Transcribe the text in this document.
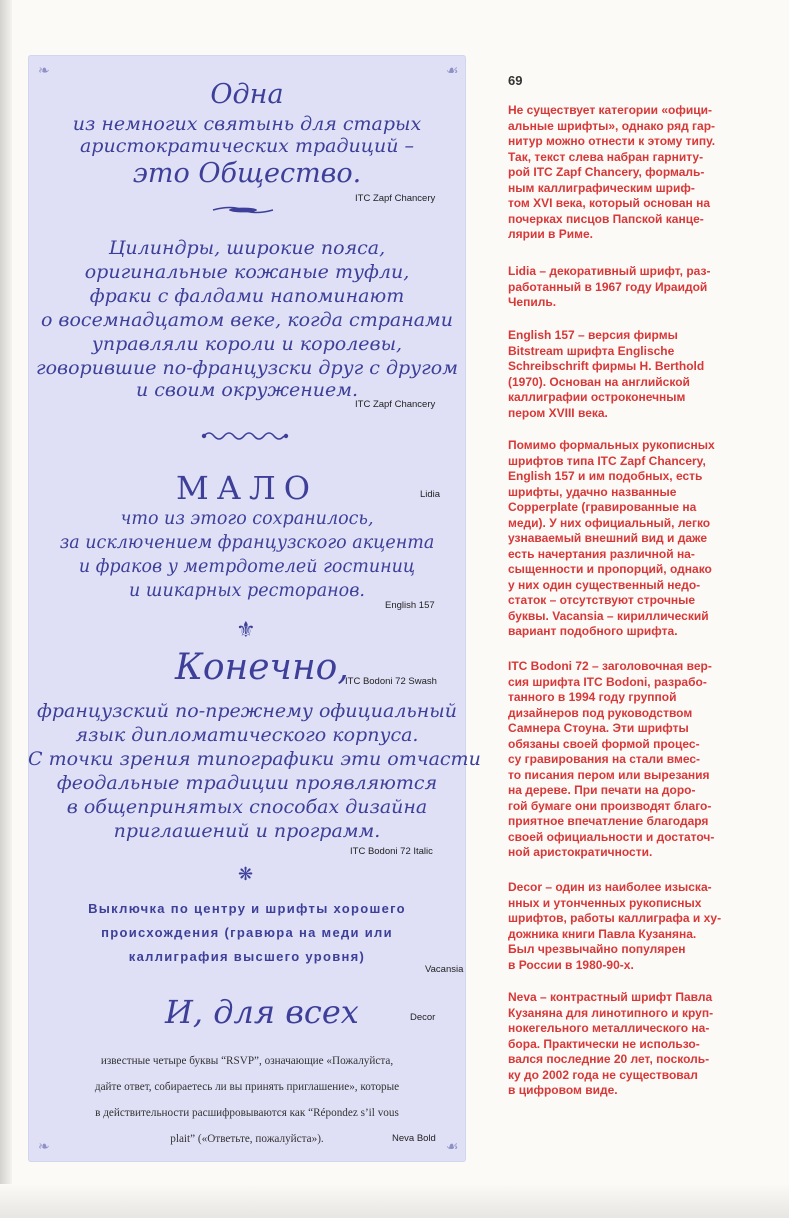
❧	☙
❧	☙
Одна
из немногих святынь для старых
аристократических традиций –
это Общество.
ITC Zapf Chancery
Цилиндры, широкие пояса,
оригинальные кожаные туфли,
фраки с фалдами напоминают
о восемнадцатом веке, когда странами
управляли короли и королевы,
говорившие по-французски друг с другом
и своим окружением.
ITC Zapf Chancery
МАЛО	Lidia
что из этого сохранилось,
за исключением французского акцента
и фраков у метрдотелей гостиниц
и шикарных ресторанов.
English 157
⚜
Конечно,
ITC Bodoni 72 Swash
французский по-прежнему официальный
язык дипломатического корпуса.
С точки зрения типографики эти отчасти
феодальные традиции проявляются
в общепринятых способах дизайна
приглашений и программ.
ITC Bodoni 72 Italic
❋
Выключка по центру и шрифты хорошего
происхождения (гравюра на меди или
каллиграфия высшего уровня)
Vacansia
И, для всех	Decor
известные четыре буквы “RSVP”, означающие «Пожалуйста,
дайте ответ, собираетесь ли вы принять приглашение», которые
в действительности расшифровываются как “Répondez s’il vous
plait” («Ответьте, пожалуйста»).	Neva Bold
69

Не существует категории «офици-

альные шрифты», однако ряд гар-

нитур можно отнести к этому типу.

Так, текст слева набран гарниту-

рой ITC Zapf Chancery, формаль-

ным каллиграфическим шриф-

том XVI века, который основан на

почерках писцов Папской канце-

лярии в Риме.

Lidia – декоративный шрифт, раз-

работанный в 1967 году Ираидой

Чепиль.

English 157 – версия фирмы

Bitstream шрифта Englische

Schreibschrift фирмы H. Berthold

(1970). Основан на английской

каллиграфии остроконечным

пером XVIII века.

Помимо формальных рукописных

шрифтов типа ITC Zapf Chancery,

English 157 и им подобных, есть

шрифты, удачно названные

Copperplate (гравированные на

меди). У них официальный, легко

узнаваемый внешний вид и даже

есть начертания различной на-

сыщенности и пропорций, однако

у них один существенный недо-

статок – отсутствуют строчные

буквы. Vacansia – кириллический

вариант подобного шрифта.

ITC Bodoni 72 – заголовочная вер-

сия шрифта ITC Bodoni, разрабо-

танного в 1994 году группой

дизайнеров под руководством

Самнера Стоуна. Эти шрифты

обязаны своей формой процес-

су гравирования на стали вмес-

то писания пером или вырезания

на дереве. При печати на доро-

гой бумаге они производят благо-

приятное впечатление благодаря

своей официальности и достаточ-

ной аристократичности.

Decor – один из наиболее изыска-

нных и утонченных рукописных

шрифтов, работы каллиграфа и ху-

дожника книги Павла Кузаняна.

Был чрезвычайно популярен

в России в 1980-90-х.

Neva – контрастный шрифт Павла

Кузаняна для линотипного и круп-

нокегельного металлического на-

бора. Практически не использо-

вался последние 20 лет, посколь-

ку до 2002 года не существовал

в цифровом виде.
